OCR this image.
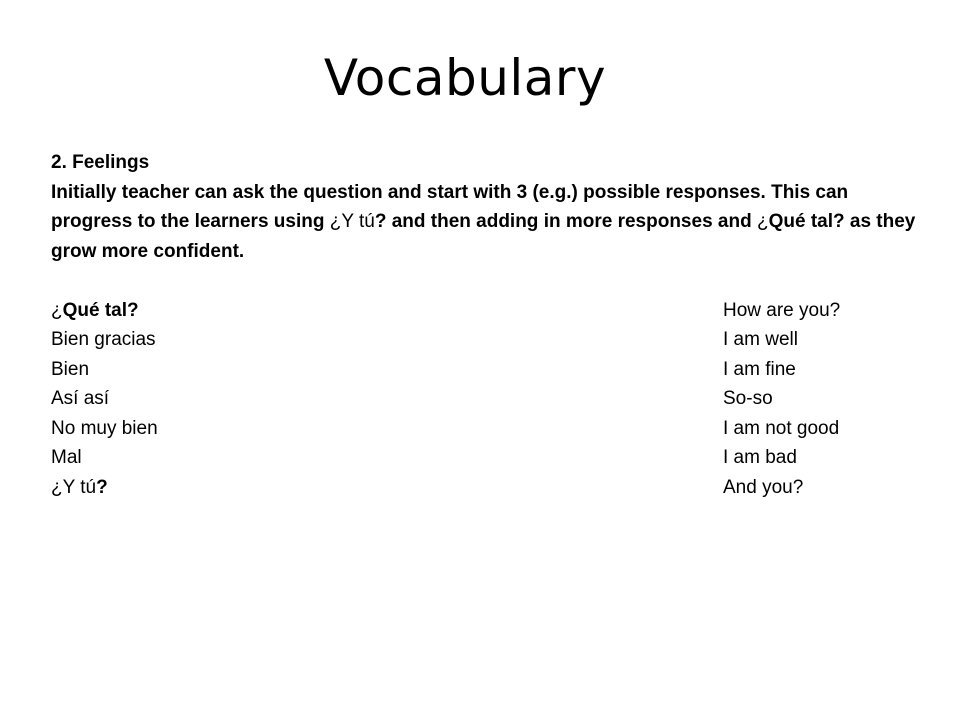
Vocabulary
2. Feelings
Initially teacher can ask the question and start with 3 (e.g.) possible responses. This can progress to the learners using ¿Y tú? and then adding in more responses and ¿Qué tal? as they grow more confident.
¿Qué tal?	How are you?
Bien gracias	I am well
Bien	I am fine
Así así	So-so
No muy bien	I am not good
Mal	I am bad
¿Y tú?	And you?
